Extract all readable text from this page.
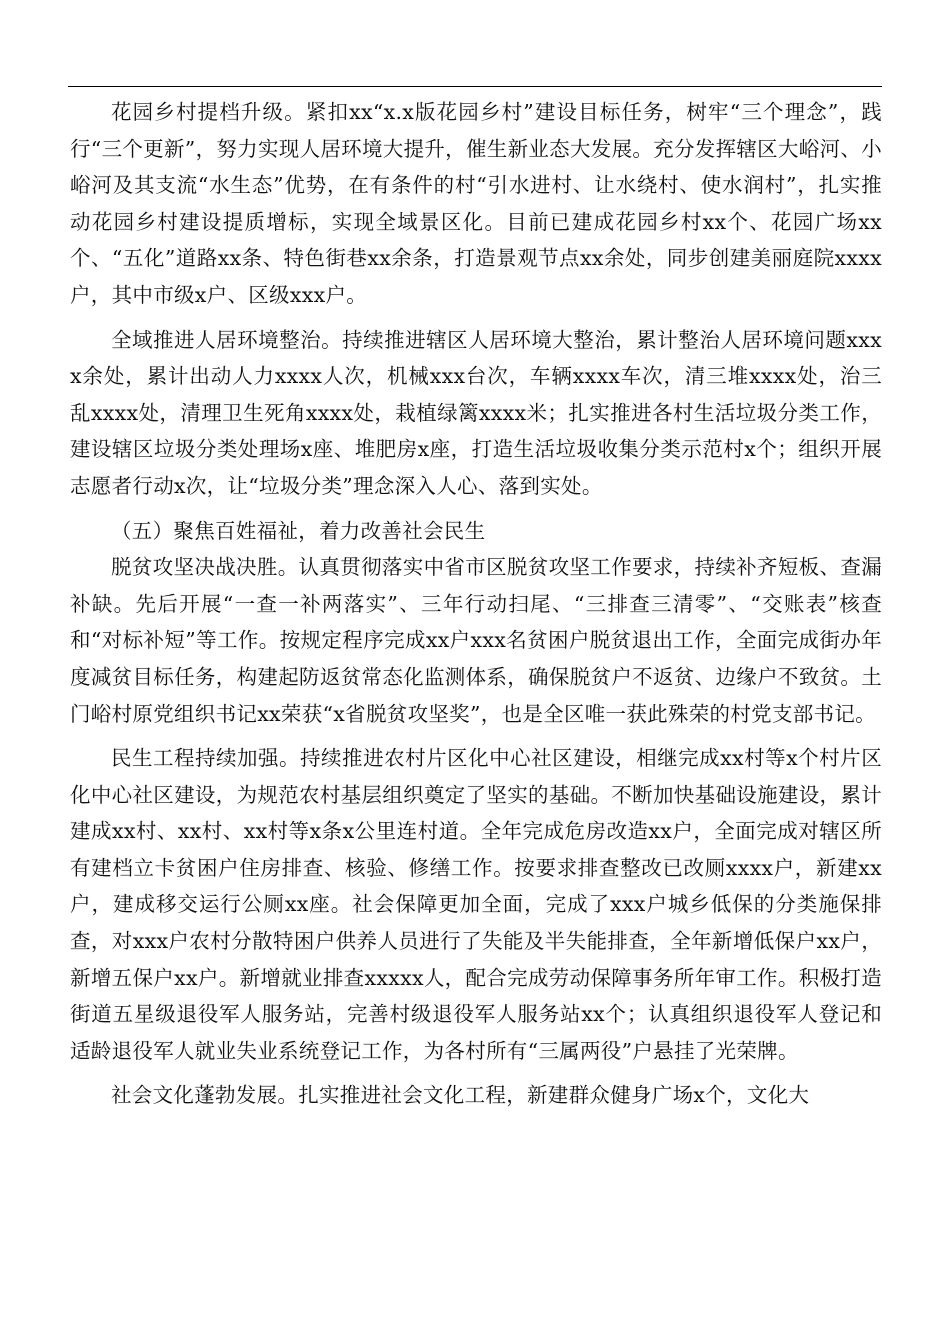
花园乡村提档升级。紧扣xx“x.x版花园乡村”建设目标任务，树牢“三个理念”，践行“三个更新”，努力实现人居环境大提升，催生新业态大发展。充分发挥辖区大峪河、小峪河及其支流“水生态”优势，在有条件的村“引水进村、让水绕村、使水润村”，扎实推动花园乡村建设提质增标，实现全域景区化。目前已建成花园乡村xx个、花园广场xx个、“五化”道路xx条、特色街巷xx余条，打造景观节点xx余处，同步创建美丽庭院xxxx户，其中市级x户、区级xxx户。

全域推进人居环境整治。持续推进辖区人居环境大整治，累计整治人居环境问题xxxx余处，累计出动人力xxxx人次，机械xxx台次，车辆xxxx车次，清三堆xxxx处，治三乱xxxx处，清理卫生死角xxxx处，栽植绿篱xxxx米；扎实推进各村生活垃圾分类工作，建设辖区垃圾分类处理场x座、堆肥房x座，打造生活垃圾收集分类示范村x个；组织开展志愿者行动x次，让“垃圾分类”理念深入人心、落到实处。

（五）聚焦百姓福祉，着力改善社会民生

脱贫攻坚决战决胜。认真贯彻落实中省市区脱贫攻坚工作要求，持续补齐短板、查漏补缺。先后开展“一查一补两落实”、三年行动扫尾、“三排查三清零”、“交账表”核查和“对标补短”等工作。按规定程序完成xx户xxx名贫困户脱贫退出工作，全面完成街办年度减贫目标任务，构建起防返贫常态化监测体系，确保脱贫户不返贫、边缘户不致贫。土门峪村原党组织书记xx荣获“x省脱贫攻坚奖”，也是全区唯一获此殊荣的村党支部书记。

民生工程持续加强。持续推进农村片区化中心社区建设，相继完成xx村等x个村片区化中心社区建设，为规范农村基层组织奠定了坚实的基础。不断加快基础设施建设，累计建成xx村、xx村、xx村等x条x公里连村道。全年完成危房改造xx户，全面完成对辖区所有建档立卡贫困户住房排查、核验、修缮工作。按要求排查整改已改厕xxxx户，新建xx户，建成移交运行公厕xx座。社会保障更加全面，完成了xxx户城乡低保的分类施保排查，对xxx户农村分散特困户供养人员进行了失能及半失能排查，全年新增低保户xx户，新增五保户xx户。新增就业排查xxxxx人，配合完成劳动保障事务所年审工作。积极打造街道五星级退役军人服务站，完善村级退役军人服务站xx个；认真组织退役军人登记和适龄退役军人就业失业系统登记工作，为各村所有“三属两役”户悬挂了光荣牌。

社会文化蓬勃发展。扎实推进社会文化工程，新建群众健身广场x个，文化大
